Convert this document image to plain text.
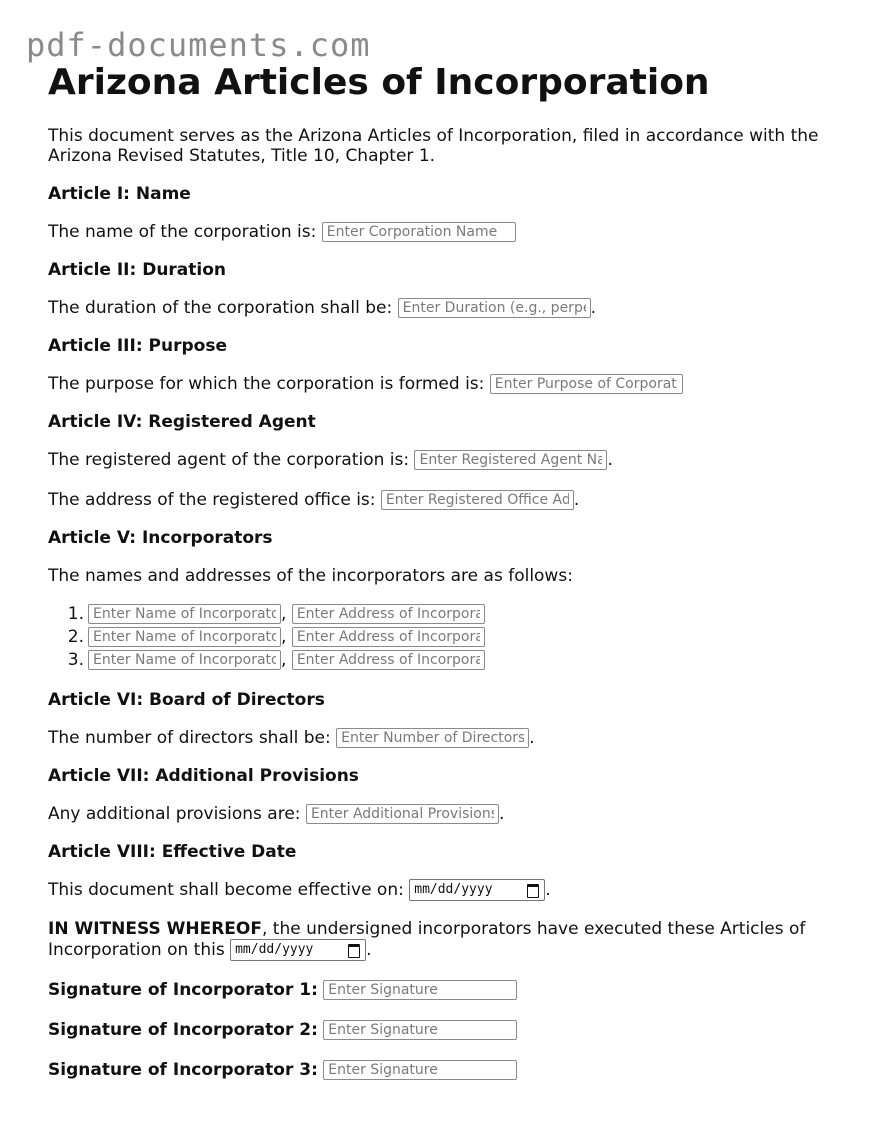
pdf-documents.com
Arizona Articles of Incorporation

This document serves as the Arizona Articles of Incorporation, filed in accordance with the Arizona Revised Statutes, Title 10, Chapter 1.

Article I: Name
The name of the corporation is: Enter Corporation Name
Article II: Duration
The duration of the corporation shall be: Enter Duration (e.g., perpetual)	.
Article III: Purpose
The purpose for which the corporation is formed is: Enter Purpose of Corporation
Article IV: Registered Agent
The registered agent of the corporation is: Enter Registered Agent Name	.
The address of the registered office is: Enter Registered Office Address	.
Article V: Incorporators
The names and addresses of the incorporators are as follows:
1.Enter Name of Incorporator	, Enter Address of Incorporator
2.Enter Name of Incorporator	, Enter Address of Incorporator
3.Enter Name of Incorporator	, Enter Address of Incorporator
Article VI: Board of Directors
The number of directors shall be: Enter Number of Directors	.
Article VII: Additional Provisions
Any additional provisions are: Enter Additional Provisions	.
Article VIII: Effective Date
This document shall become effective on: mm/dd/yyyy	.
IN WITNESS WHEREOF, the undersigned incorporators have executed these Articles of Incorporation on this mm/dd/yyyy	.
Signature of Incorporator 1: Enter Signature
Signature of Incorporator 2: Enter Signature
Signature of Incorporator 3: Enter Signature
